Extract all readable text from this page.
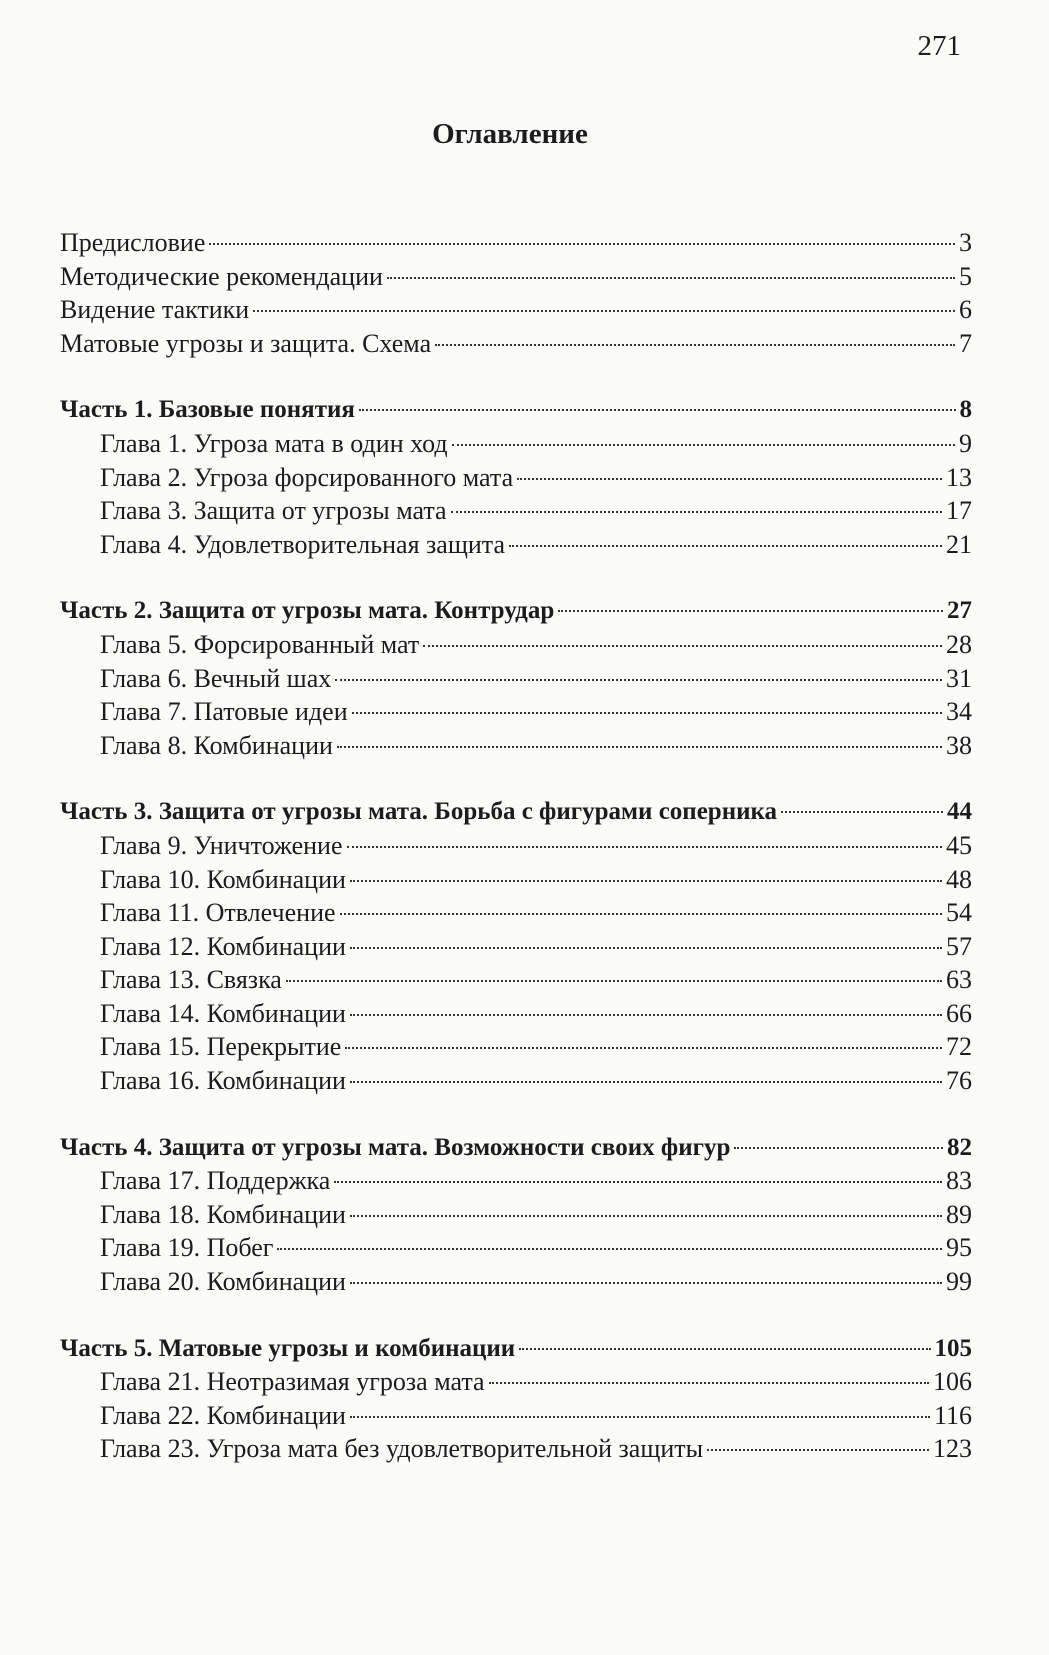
271
Оглавление
Предисловие	3
Методические рекомендации	5
Видение тактики	6
Матовые угрозы и защита. Схема	7
Часть 1. Базовые понятия	8
Глава 1. Угроза мата в один ход	9
Глава 2. Угроза форсированного мата	13
Глава 3. Защита от угрозы мата	17
Глава 4. Удовлетворительная защита	21
Часть 2. Защита от угрозы мата. Контрудар	27
Глава 5. Форсированный мат	28
Глава 6. Вечный шах	31
Глава 7. Патовые идеи	34
Глава 8. Комбинации	38
Часть 3. Защита от угрозы мата. Борьба с фигурами соперника	44
Глава 9. Уничтожение	45
Глава 10. Комбинации	48
Глава 11. Отвлечение	54
Глава 12. Комбинации	57
Глава 13. Связка	63
Глава 14. Комбинации	66
Глава 15. Перекрытие	72
Глава 16. Комбинации	76
Часть 4. Защита от угрозы мата. Возможности своих фигур	82
Глава 17. Поддержка	83
Глава 18. Комбинации	89
Глава 19. Побег	95
Глава 20. Комбинации	99
Часть 5. Матовые угрозы и комбинации	105
Глава 21. Неотразимая угроза мата	106
Глава 22. Комбинации	116
Глава 23. Угроза мата без удовлетворительной защиты	123
